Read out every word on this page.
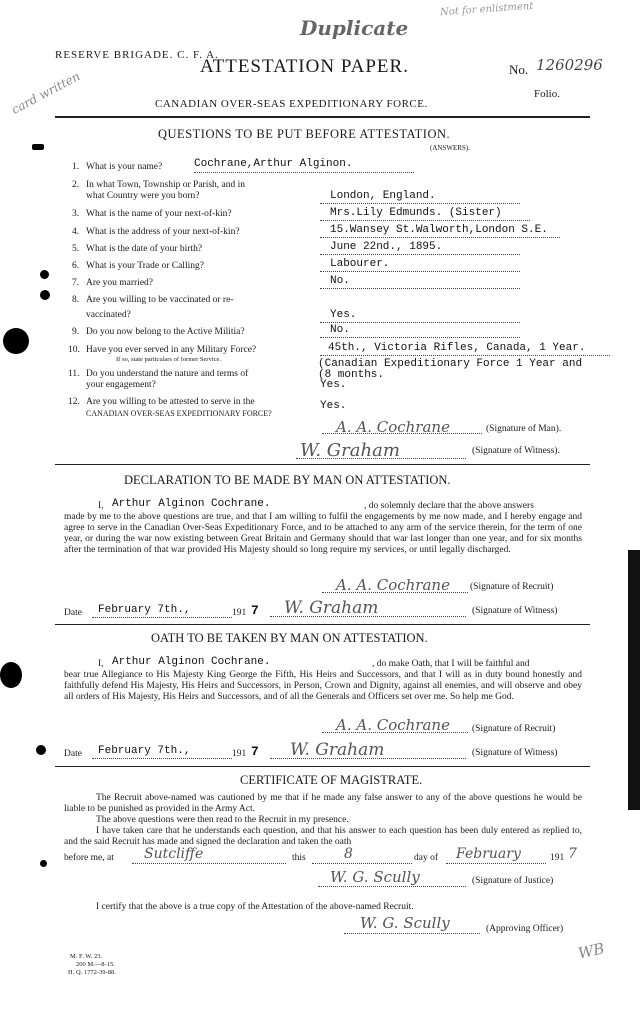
Duplicate
Not for enlistment
RESERVE BRIGADE. C. F. A.
ATTESTATION PAPER.	No. 1260296
Folio.
CANADIAN OVER-SEAS EXPEDITIONARY FORCE.
card written
QUESTIONS TO BE PUT BEFORE ATTESTATION.
(ANSWERS).
1. What is your name?	Cochrane,Arthur Alginon.
2. In what Town, Township or Parish, and in
what Country were you born?	London, England.
3. What is the name of your next-of-kin?	Mrs.Lily Edmunds. (Sister)
4. What is the address of your next-of-kin?	15.Wansey St.Walworth,London S.E.
5. What is the date of your birth?	June 22nd., 1895.
6. What is your Trade or Calling?	Labourer.
7. Are you married?	No.
8. Are you willing to be vaccinated or re-
vaccinated?	Yes.
9. Do you now belong to the Active Militia?	No.
10. Have you ever served in any Military Force?
If so, state particulars of former Service.
45th., Victoria Rifles, Canada, 1 Year.
11. Do you understand the nature and terms of
your engagement?
(Canadian Expeditionary Force 1 Year and
(8 months.
Yes.
12. Are you willing to be attested to serve in the
CANADIAN OVER-SEAS EXPEDITIONARY FORCE?
Yes.
A. A. Cochrane	(Signature of Man).
W. Graham	(Signature of Witness).
DECLARATION TO BE MADE BY MAN ON ATTESTATION.
I, Arthur Alginon Cochrane.	, do solemnly declare that the above answers
made by me to the above questions are true, and that I am willing to fulfil the engagements by me now made, and I hereby engage and agree to serve in the Canadian Over-Seas Expeditionary Force, and to be attached to any arm of the service therein, for the term of one year, or during the war now existing between Great Britain and Germany should that war last longer than one year, and for six months after the termination of that war provided His Majesty should so long require my services, or until legally discharged.
A. A. Cochrane (Signature of Recruit)
Date February 7th.,	191 7 W. Graham	(Signature of Witness)
OATH TO BE TAKEN BY MAN ON ATTESTATION.
I, Arthur Alginon Cochrane.	, do make Oath, that I will be faithful and
bear true Allegiance to His Majesty King George the Fifth, His Heirs and Successors, and that I will as in duty bound honestly and faithfully defend His Majesty, His Heirs and Successors, in Person, Crown and Dignity, against all enemies, and will observe and obey all orders of His Majesty, His Heirs and Successors, and of all the Generals and Officers set over me. So help me God.
A. A. Cochrane (Signature of Recruit)
Date February 7th.,	191 7 W. Graham	(Signature of Witness)
CERTIFICATE OF MAGISTRATE.
The Recruit above-named was cautioned by me that if he made any false answer to any of the above questions he would be liable to be punished as provided in the Army Act.
The above questions were then read to the Recruit in my presence.
I have taken care that he understands each question, and that his answer to each question has been duly entered as replied to, and the said Recruit has made and signed the declaration and taken the oath
before me, at Sutcliffe	this	8	day of February	191 7
W. G. Scully	(Signature of Justice)
I certify that the above is a true copy of the Attestation of the above-named Recruit.
W. G. Scully	(Approving Officer)
M. F. W. 23.
200 M.—8-15.
H. Q. 1772-39-88.
WB
